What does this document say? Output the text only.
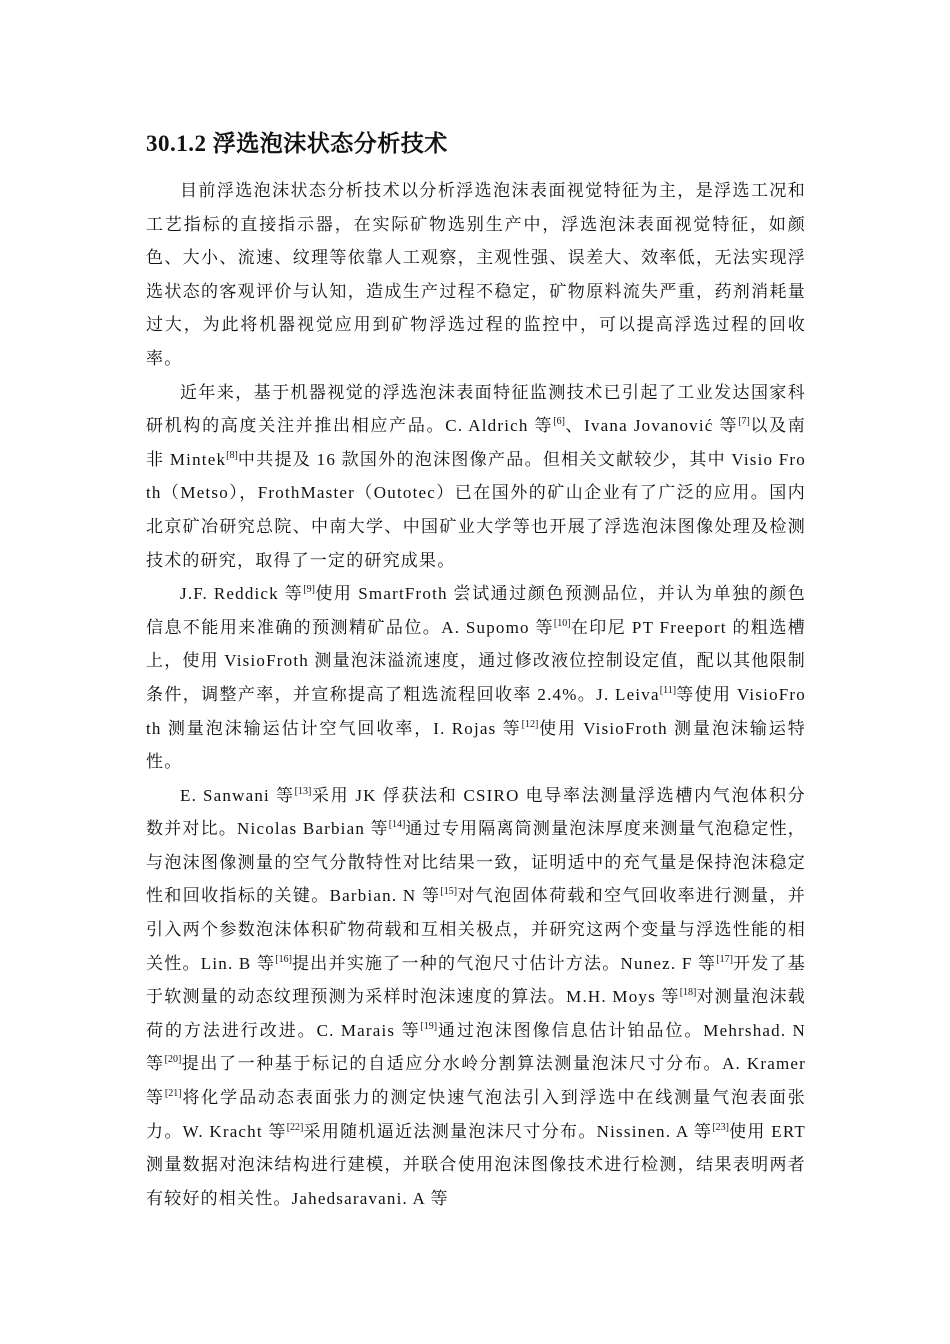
30.1.2 浮选泡沫状态分析技术

目前浮选泡沫状态分析技术以分析浮选泡沫表面视觉特征为主，是浮选工况和工艺指标的直接指示器，在实际矿物选别生产中，浮选泡沫表面视觉特征，如颜色、大小、流速、纹理等依靠人工观察，主观性强、误差大、效率低，无法实现浮选状态的客观评价与认知，造成生产过程不稳定，矿物原料流失严重，药剂消耗量过大，为此将机器视觉应用到矿物浮选过程的监控中，可以提高浮选过程的回收率。

近年来，基于机器视觉的浮选泡沫表面特征监测技术已引起了工业发达国家科研机构的高度关注并推出相应产品。C. Aldrich 等[6]、Ivana Jovanović 等[7]以及南非 Mintek[8]中共提及 16 款国外的泡沫图像产品。但相关文献较少，其中 Visio Froth（Metso），FrothMaster（Outotec）已在国外的矿山企业有了广泛的应用。国内北京矿冶研究总院、中南大学、中国矿业大学等也开展了浮选泡沫图像处理及检测技术的研究，取得了一定的研究成果。

J.F. Reddick 等[9]使用 SmartFroth 尝试通过颜色预测品位，并认为单独的颜色信息不能用来准确的预测精矿品位。A. Supomo 等[10]在印尼 PT Freeport 的粗选槽上，使用 VisioFroth 测量泡沫溢流速度，通过修改液位控制设定值，配以其他限制条件，调整产率，并宣称提高了粗选流程回收率 2.4%。J. Leiva[11]等使用 VisioFroth 测量泡沫输运估计空气回收率，I. Rojas 等[12]使用 VisioFroth 测量泡沫输运特性。

E. Sanwani 等[13]采用 JK 俘获法和 CSIRO 电导率法测量浮选槽内气泡体积分数并对比。Nicolas Barbian 等[14]通过专用隔离筒测量泡沫厚度来测量气泡稳定性，与泡沫图像测量的空气分散特性对比结果一致，证明适中的充气量是保持泡沫稳定性和回收指标的关键。Barbian. N 等[15]对气泡固体荷载和空气回收率进行测量，并引入两个参数泡沫体积矿物荷载和互相关极点，并研究这两个变量与浮选性能的相关性。Lin. B 等[16]提出并实施了一种的气泡尺寸估计方法。Nunez. F 等[17]开发了基于软测量的动态纹理预测为采样时泡沫速度的算法。M.H. Moys 等[18]对测量泡沫载荷的方法进行改进。C. Marais 等[19]通过泡沫图像信息估计铂品位。Mehrshad. N 等[20]提出了一种基于标记的自适应分水岭分割算法测量泡沫尺寸分布。A. Kramer 等[21]将化学品动态表面张力的测定快速气泡法引入到浮选中在线测量气泡表面张力。W. Kracht 等[22]采用随机逼近法测量泡沫尺寸分布。Nissinen. A 等[23]使用 ERT 测量数据对泡沫结构进行建模，并联合使用泡沫图像技术进行检测，结果表明两者有较好的相关性。Jahedsaravani. A 等
